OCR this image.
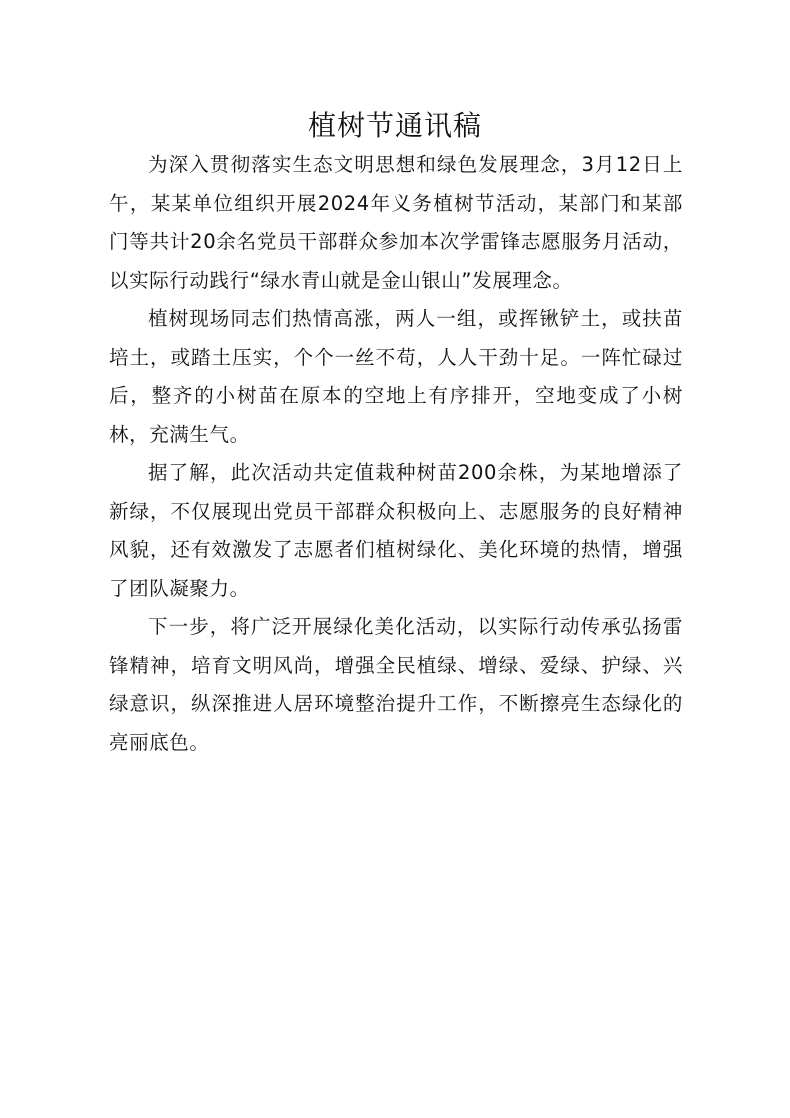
植树节通讯稿

为深入贯彻落实生态文明思想和绿色发展理念，3月12日上午，某某单位组织开展2024年义务植树节活动，某部门和某部门等共计20余名党员干部群众参加本次学雷锋志愿服务月活动，以实际行动践行“绿水青山就是金山银山”发展理念。

植树现场同志们热情高涨，两人一组，或挥锹铲土，或扶苗培土，或踏土压实，个个一丝不苟，人人干劲十足。一阵忙碌过后，整齐的小树苗在原本的空地上有序排开，空地变成了小树林，充满生气。

据了解，此次活动共定值栽种树苗200余株，为某地增添了新绿，不仅展现出党员干部群众积极向上、志愿服务的良好精神风貌，还有效激发了志愿者们植树绿化、美化环境的热情，增强了团队凝聚力。

下一步，将广泛开展绿化美化活动，以实际行动传承弘扬雷锋精神，培育文明风尚，增强全民植绿、增绿、爱绿、护绿、兴绿意识，纵深推进人居环境整治提升工作，不断擦亮生态绿化的亮丽底色。
